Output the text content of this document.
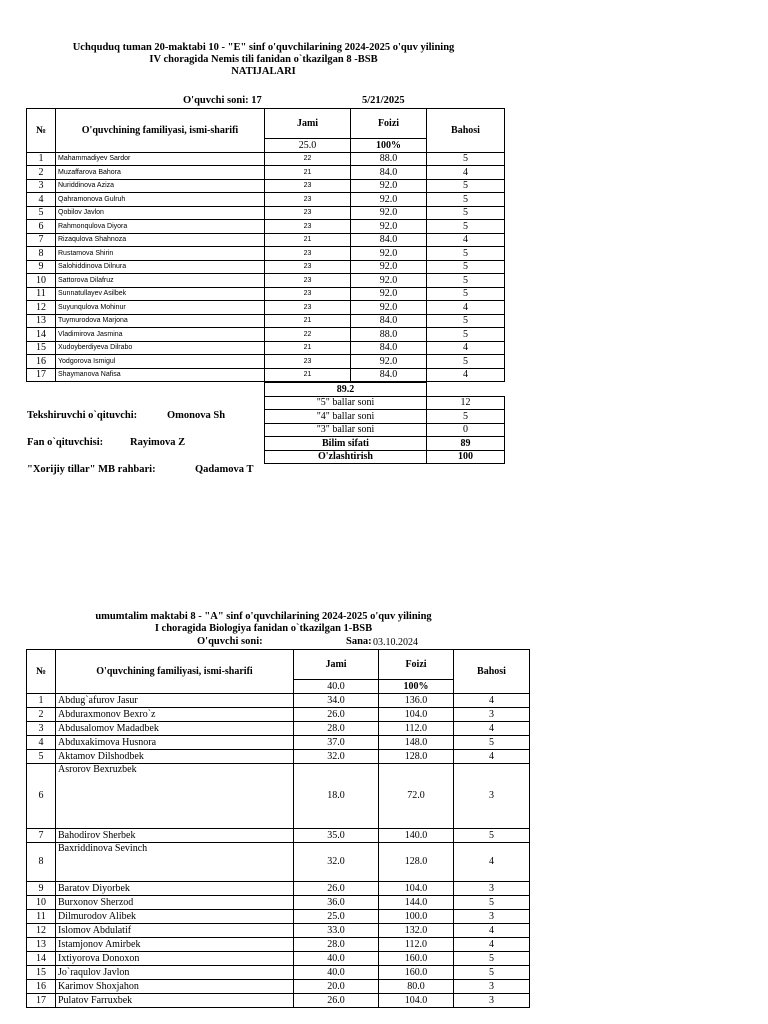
Uchquduq tuman 20-maktabi 10 - "E" sinf o'quvchilarining 2024-2025 o'quv yilining
IV choragida Nemis tili fanidan o`tkazilgan 8 -BSB
NATIJALARI
O'quvchi soni: 17	5/21/2025
№	O'quvchining familiyasi, ismi-sharifi	Jami	Foizi	Bahosi
		25.0	100%	
1	Mahammadiyev Sardor	22	88.0	5
2	Muzaffarova Bahora	21	84.0	4
3	Nuriddinova Aziza	23	92.0	5
4	Qahramonova Gulruh	23	92.0	5
5	Qobilov Javlon	23	92.0	5
6	Rahmonqulova Diyora	23	92.0	5
7	Rizaqulova Shahnoza	21	84.0	4
8	Rustamova Shirin	23	92.0	5
9	Salohiddinova Dilnura	23	92.0	5
10	Sattorova Dilafruz	23	92.0	5
11	Sunnatullayev Asilbek	23	92.0	5
12	Suyunqulova Mohinur	23	92.0	4
13	Tuymurodova Marjona	21	84.0	5
14	Vladimirova Jasmina	22	88.0	5
15	Xudoyberdiyeva Dilrabo	21	84.0	4
16	Yodgorova Ismigul	23	92.0	5
17	Shaymanova Nafisa	21	84.0	4
89.2	
"5" ballar soni	12
"4" ballar soni	5
"3" ballar soni	0
Bilim sifati	89
O'zlashtirish	100
Tekshiruvchi o`qituvchi:	Omonova Sh
Fan o`qituvchisi:	Rayimova Z
"Xorijiy tillar" MB rahbari:	Qadamova T
umumtalim maktabi 8 - "A" sinf o'quvchilarining 2024-2025 o'quv yilining
I choragida Biologiya fanidan o`tkazilgan 1-BSB
O'quvchi soni:	Sana: 03.10.2024
№	O'quvchining familiyasi, ismi-sharifi	Jami	Foizi	Bahosi
		40.0	100%	
1	Abdug`afurov Jasur	34.0	136.0	4
2	Abduraxmonov Bexro`z	26.0	104.0	3
3	Abdusalomov Madadbek	28.0	112.0	4
4	Abduxakimova Husnora	37.0	148.0	5
5	Aktamov Dilshodbek	32.0	128.0	4
6	Asrorov Bexruzbek	18.0	72.0	3
7	Bahodirov Sherbek	35.0	140.0	5
8	Baxriddinova Sevinch	32.0	128.0	4
9	Baratov Diyorbek	26.0	104.0	3
10	Burxonov Sherzod	36.0	144.0	5
11	Dilmurodov Alibek	25.0	100.0	3
12	Islomov Abdulatif	33.0	132.0	4
13	Istamjonov Amirbek	28.0	112.0	4
14	Ixtiyorova Donoxon	40.0	160.0	5
15	Jo`raqulov Javlon	40.0	160.0	5
16	Karimov Shoxjahon	20.0	80.0	3
17	Pulatov Farruxbek	26.0	104.0	3
